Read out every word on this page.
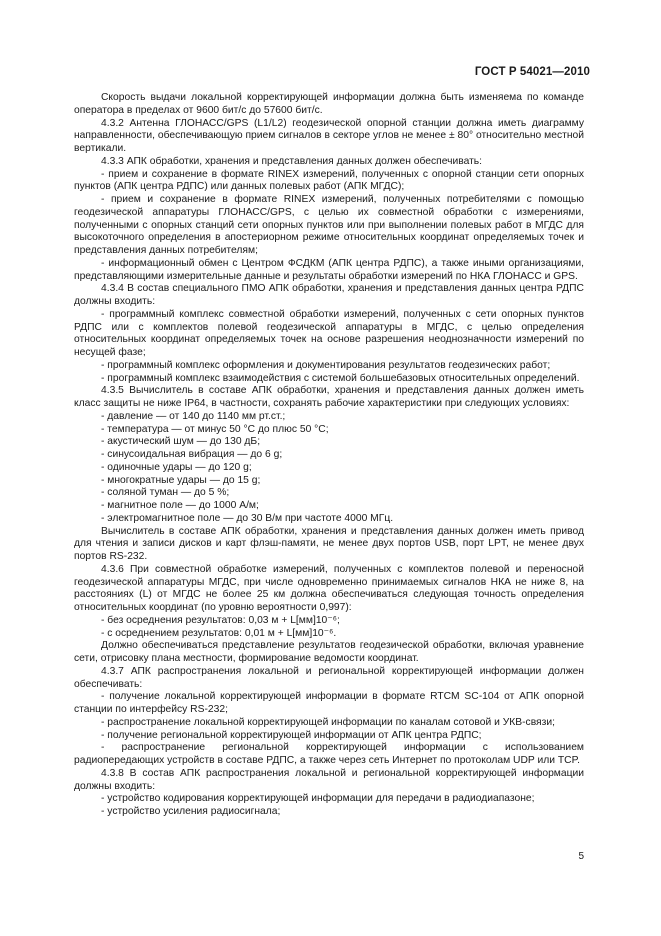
ГОСТ Р 54021—2010

Скорость выдачи локальной корректирующей информации должна быть изменяема по команде оператора в пределах от 9600 бит/с до 57600 бит/с.

4.3.2 Антенна ГЛОНАСС/GPS (L1/L2) геодезической опорной станции должна иметь диаграмму направленности, обеспечивающую прием сигналов в секторе углов не менее ± 80° относительно местной вертикали.

4.3.3 АПК обработки, хранения и представления данных должен обеспечивать:

- прием и сохранение в формате RINEX измерений, полученных с опорной станции сети опорных пунктов (АПК центра РДПС) или данных полевых работ (АПК МГДС);

- прием и сохранение в формате RINEX измерений, полученных потребителями с помощью геодезической аппаратуры ГЛОНАСС/GPS, с целью их совместной обработки с измерениями, полученными с опорных станций сети опорных пунктов или при выполнении полевых работ в МГДС для высокоточного определения в апостериорном режиме относительных координат определяемых точек и представления данных потребителям;

- информационный обмен с Центром ФСДКМ (АПК центра РДПС), а также иными организациями, представляющими измерительные данные и результаты обработки измерений по НКА ГЛОНАСС и GPS.

4.3.4 В состав специального ПМО АПК обработки, хранения и представления данных центра РДПС должны входить:

- программный комплекс совместной обработки измерений, полученных с сети опорных пунктов РДПС или с комплектов полевой геодезической аппаратуры в МГДС, с целью определения относительных координат определяемых точек на основе разрешения неоднозначности измерений по несущей фазе;

- программный комплекс оформления и документирования результатов геодезических работ;

- программный комплекс взаимодействия с системой большебазовых относительных определений.

4.3.5 Вычислитель в составе АПК обработки, хранения и представления данных должен иметь класс защиты не ниже IP64, в частности, сохранять рабочие характеристики при следующих условиях:

- давление — от 140 до 1140 мм рт.ст.;

- температура — от минус 50 °С до плюс 50 °С;

- акустический шум — до 130 дБ;

- синусоидальная вибрация — до 6 g;

- одиночные удары — до 120 g;

- многократные удары — до 15 g;

- соляной туман — до 5 %;

- магнитное поле — до 1000 А/м;

- электромагнитное поле — до 30 В/м при частоте 4000 МГц.

Вычислитель в составе АПК обработки, хранения и представления данных должен иметь привод для чтения и записи дисков и карт флэш-памяти, не менее двух портов USB, порт LPT, не менее двух портов RS-232.

4.3.6 При совместной обработке измерений, полученных с комплектов полевой и переносной геодезической аппаратуры МГДС, при числе одновременно принимаемых сигналов НКА не ниже 8, на расстояниях (L) от МГДС не более 25 км должна обеспечиваться следующая точность определения относительных координат (по уровню вероятности 0,997):

- без осреднения результатов: 0,03 м + L[мм]10⁻⁶;

- с осреднением результатов: 0,01 м + L[мм]10⁻⁶.

Должно обеспечиваться представление результатов геодезической обработки, включая уравнение сети, отрисовку плана местности, формирование ведомости координат.

4.3.7 АПК распространения локальной и региональной корректирующей информации должен обеспечивать:

- получение локальной корректирующей информации в формате RTCM SC-104 от АПК опорной станции по интерфейсу RS-232;

- распространение локальной корректирующей информации по каналам сотовой и УКВ-связи;

- получение региональной корректирующей информации от АПК центра РДПС;

- распространение региональной корректирующей информации с использованием радиопередающих устройств в составе РДПС, а также через сеть Интернет по протоколам UDP или TCP.

4.3.8 В состав АПК распространения локальной и региональной корректирующей информации должны входить:

- устройство кодирования корректирующей информации для передачи в радиодиапазоне;

- устройство усиления радиосигнала;

5
